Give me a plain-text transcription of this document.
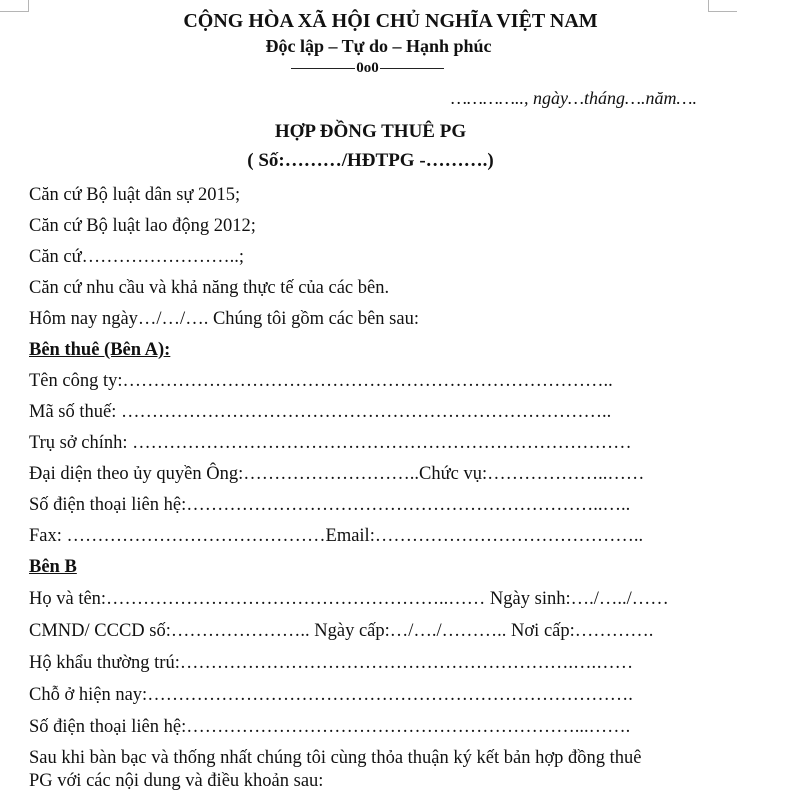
CỘNG HÒA XÃ HỘI CHỦ NGHĨA VIỆT NAM
Độc lập – Tự do – Hạnh phúc
0o0
………….., ngày…tháng….năm….
HỢP ĐỒNG THUÊ PG
( Số:………/HĐTPG -……….)
Căn cứ Bộ luật dân sự 2015;
Căn cứ Bộ luật lao động 2012;
Căn cứ……………………..;
Căn cứ nhu cầu và khả năng thực tế của các bên.
Hôm nay ngày…/…/…. Chúng tôi gồm các bên sau:
Bên thuê (Bên A):
Tên công ty:……………………………………………………………………..
Mã số thuế: ……………………………………………………………………..
Trụ sở chính: ………………………………………………………………………
Đại diện theo ủy quyền Ông:………………………..Chức vụ:………………..……
Số điện thoại liên hệ:…………………………………………………………..…..
Fax: ……………………………………Email:……………………………………..
Bên B
Họ và tên:………………………………………………..…… Ngày sinh:…./…../……
CMND/ CCCD số:………………….. Ngày cấp:…/…./……….. Nơi cấp:………….
Hộ khẩu thường trú:……………………………………………………….….……
Chỗ ở hiện nay:…………………………………………………………………….
Số điện thoại liên hệ:………………………………………………………...…….
Sau khi bàn bạc và thống nhất chúng tôi cùng thỏa thuận ký kết bản hợp đồng thuê
PG với các nội dung và điều khoản sau:
